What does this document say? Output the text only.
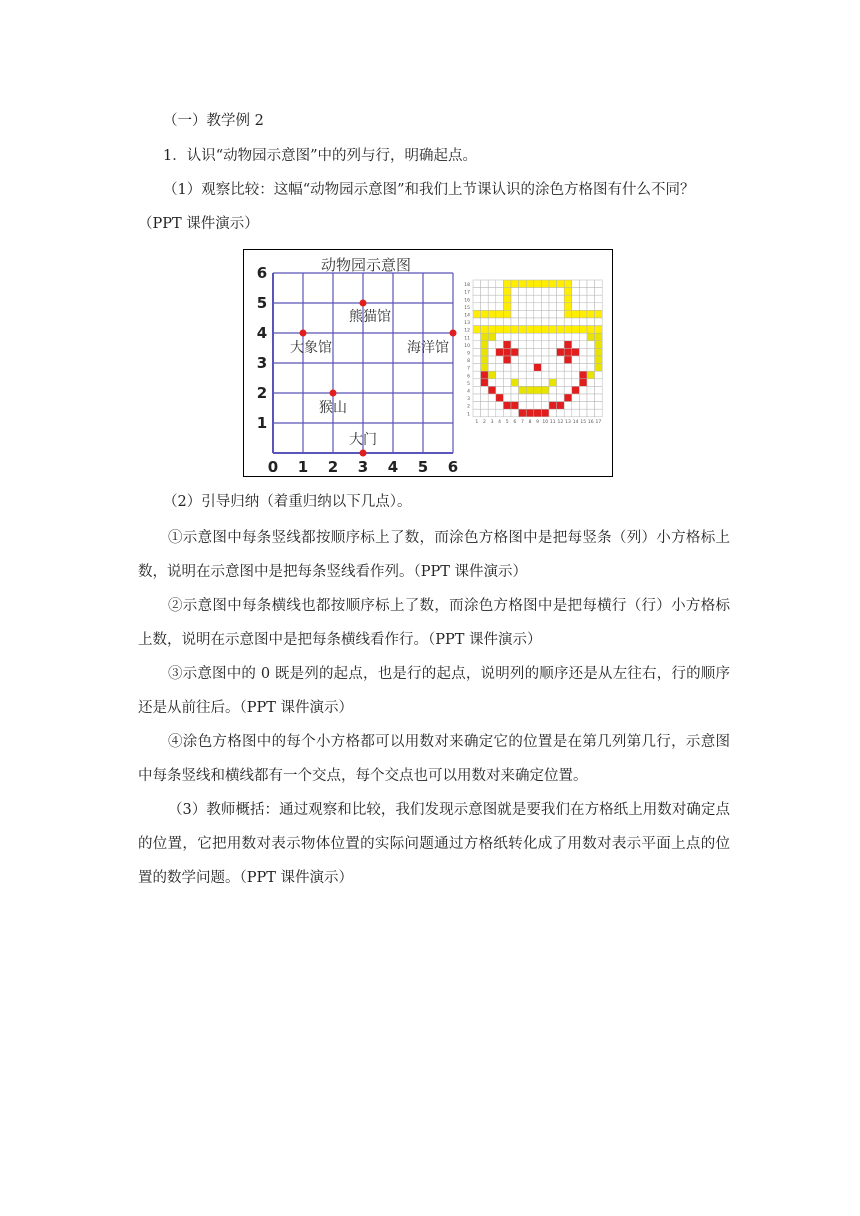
（一）教学例 2
1．认识“动物园示意图”中的列与行，明确起点。
（1）观察比较：这幅“动物园示意图”和我们上节课认识的涂色方格图有什么不同？
（PPT 课件演示）
动物园示意图
0 1 2 3 4 5 6
1
2
3
4
5
6
熊猫馆
大象馆	海洋馆
猴山
大门
18
17
16
15
14
13
12
11
10
9
8
7
6
5
4
3
2
1
1 2 3 4 5 6 7 8 9 10 11 12 13 14 15 16 17
（2）引导归纳（着重归纳以下几点）。
①示意图中每条竖线都按顺序标上了数，而涂色方格图中是把每竖条（列）小方格标上数，说明在示意图中是把每条竖线看作列。（PPT 课件演示）
②示意图中每条横线也都按顺序标上了数，而涂色方格图中是把每横行（行）小方格标上数，说明在示意图中是把每条横线看作行。（PPT 课件演示）
③示意图中的 0 既是列的起点，也是行的起点，说明列的顺序还是从左往右，行的顺序还是从前往后。（PPT 课件演示）
④涂色方格图中的每个小方格都可以用数对来确定它的位置是在第几列第几行，示意图中每条竖线和横线都有一个交点，每个交点也可以用数对来确定位置。
（3）教师概括：通过观察和比较，我们发现示意图就是要我们在方格纸上用数对确定点的位置，它把用数对表示物体位置的实际问题通过方格纸转化成了用数对表示平面上点的位置的数学问题。（PPT 课件演示）
